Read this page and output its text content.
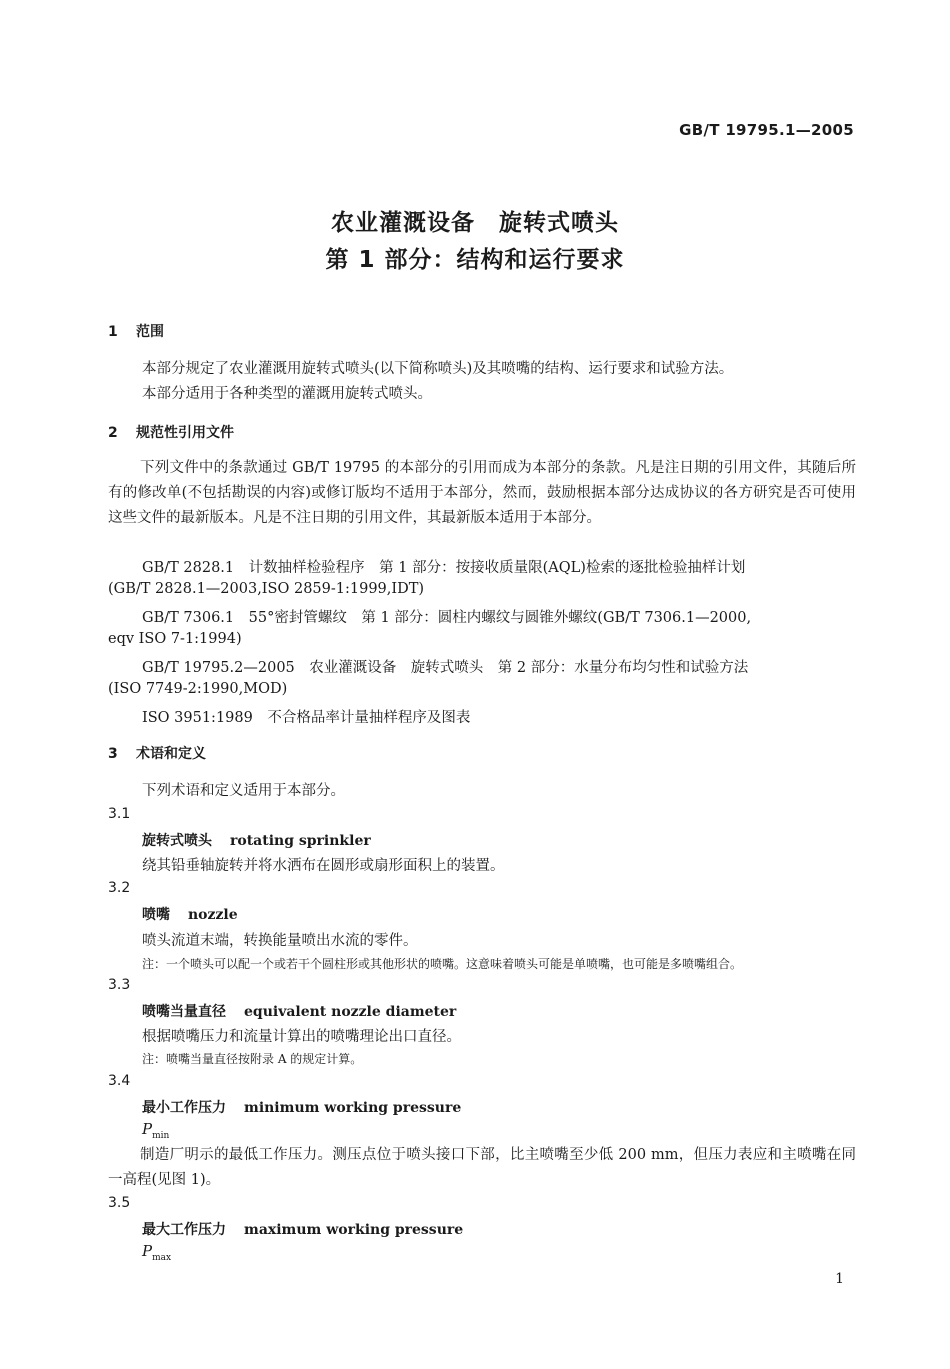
GB/T 19795.1—2005
农业灌溉设备　旋转式喷头
第 1 部分：结构和运行要求
1 范围
本部分规定了农业灌溉用旋转式喷头(以下简称喷头)及其喷嘴的结构、运行要求和试验方法。
本部分适用于各种类型的灌溉用旋转式喷头。
2 规范性引用文件
下列文件中的条款通过 GB/T 19795 的本部分的引用而成为本部分的条款。凡是注日期的引用文件，其随后所有的修改单(不包括勘误的内容)或修订版均不适用于本部分，然而，鼓励根据本部分达成协议的各方研究是否可使用这些文件的最新版本。凡是不注日期的引用文件，其最新版本适用于本部分。
GB/T 2828.1　计数抽样检验程序　第 1 部分：按接收质量限(AQL)检索的逐批检验抽样计划
(GB/T 2828.1—2003,ISO 2859-1:1999,IDT)
GB/T 7306.1　55°密封管螺纹　第 1 部分：圆柱内螺纹与圆锥外螺纹(GB/T 7306.1—2000,
eqv ISO 7-1:1994)
GB/T 19795.2—2005　农业灌溉设备　旋转式喷头　第 2 部分：水量分布均匀性和试验方法
(ISO 7749-2:1990,MOD)
ISO 3951:1989　不合格品率计量抽样程序及图表
3 术语和定义
下列术语和定义适用于本部分。
3.1
旋转式喷头 rotating sprinkler
绕其铅垂轴旋转并将水洒布在圆形或扇形面积上的装置。
3.2
喷嘴 nozzle
喷头流道末端，转换能量喷出水流的零件。
注：一个喷头可以配一个或若干个圆柱形或其他形状的喷嘴。这意味着喷头可能是单喷嘴，也可能是多喷嘴组合。
3.3
喷嘴当量直径 equivalent nozzle diameter
根据喷嘴压力和流量计算出的喷嘴理论出口直径。
注：喷嘴当量直径按附录 A 的规定计算。
3.4
最小工作压力 minimum working pressure
$P_{min}$
制造厂明示的最低工作压力。测压点位于喷头接口下部，比主喷嘴至少低 200 mm，但压力表应和主喷嘴在同一高程(见图 1)。
3.5
最大工作压力 maximum working pressure
$P_{max}$
1
